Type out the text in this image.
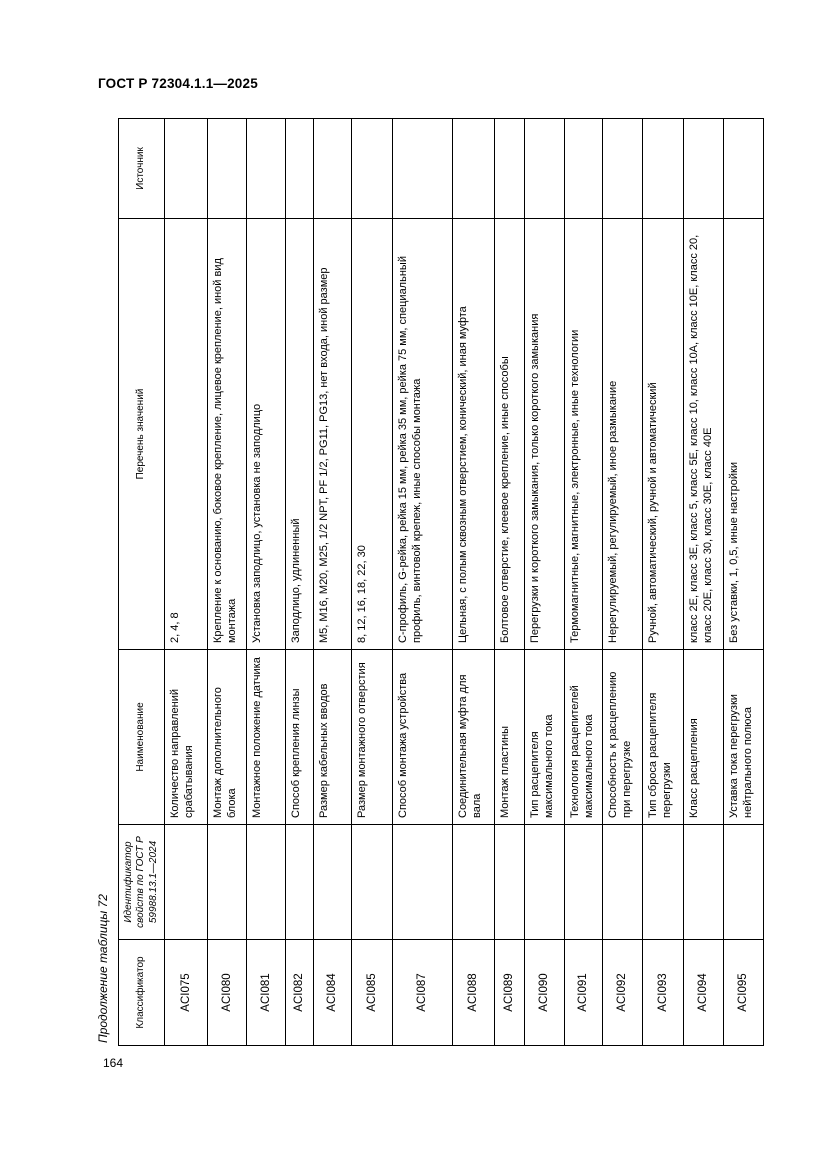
ГОСТ Р 72304.1.1—2025
Продолжение таблицы 72
164
Классификатор	Идентификатор свойств по ГОСТ Р 59988.13.1—2024	Наименование	Перечень значений	Источник
ACI075		Количество направлений срабатывания	2, 4, 8	
ACI080		Монтаж дополнительного блока	Крепление к основанию, боковое крепление, лицевое крепление, иной вид монтажа	
ACI081		Монтажное положение датчика	Установка заподлицо, установка не заподлицо	
ACI082		Способ крепления линзы	Заподлицо, удлиненный	
ACI084		Размер кабельных вводов	M5, M16, M20, M25, 1/2 NPT, PF 1/2, PG11, PG13, нет входа, иной размер	
ACI085		Размер монтажного отверстия	8, 12, 16, 18, 22, 30	
ACI087		Способ монтажа устройства	С-профиль, G-рейка, рейка 15 мм, рейка 35 мм, рейка 75 мм, специальный профиль, винтовой крепеж, иные способы монтажа	
ACI088		Соединительная муфта для вала	Цельная, с полым сквозным отверстием, конический, иная муфта	
ACI089		Монтаж пластины	Болтовое отверстие, клеевое крепление, иные способы	
ACI090		Тип расцепителя максимального тока	Перегрузки и короткого замыкания, только короткого замыкания	
ACI091		Технология расцепителей максимального тока	Термомагнитные, магнитные, электронные, иные технологии	
ACI092		Способность к расцеплению при перегрузке	Нерегулируемый, регулируемый, иное размыкание	
ACI093		Тип сброса расцепителя перегрузки	Ручной, автоматический, ручной и автоматический	
ACI094		Класс расцепления	класс 2E, класс 3E, класс 5, класс 5E, класс 10, класс 10A, класс 10E, класс 20, класс 20E, класс 30, класс 30E, класс 40E	
ACI095		Уставка тока перегрузки нейтрального полюса	Без уставки, 1, 0,5, иные настройки	
